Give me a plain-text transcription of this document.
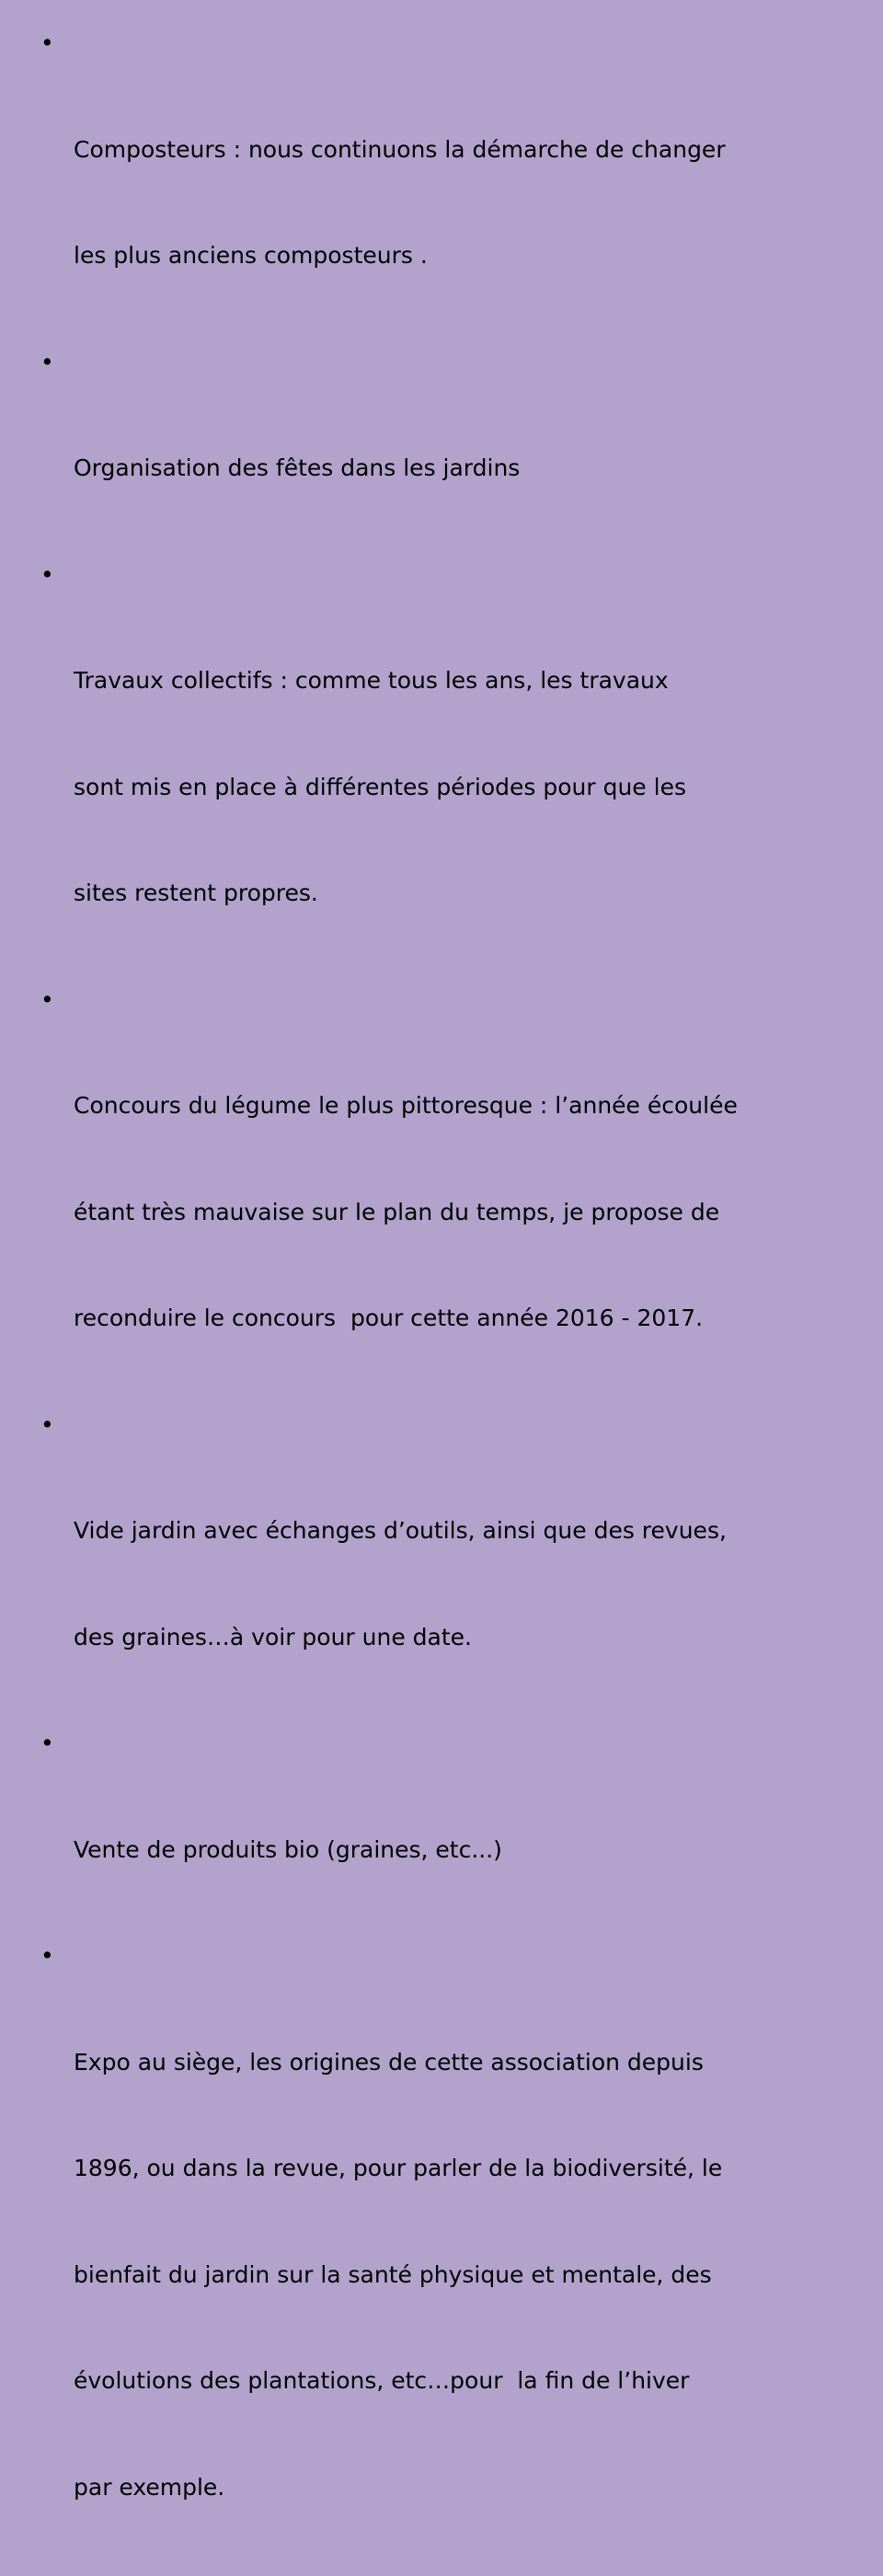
•

Composteurs : nous continuons la démarche de changer

les plus anciens composteurs .

•

Organisation des fêtes dans les jardins

•

Travaux collectifs : comme tous les ans, les travaux

sont mis en place à différentes périodes pour que les

sites restent propres.

•

Concours du légume le plus pittoresque : l’année écoulée

étant très mauvaise sur le plan du temps, je propose de

reconduire le concours  pour cette année 2016 - 2017.

•

Vide jardin avec échanges d’outils, ainsi que des revues,

des graines…à voir pour une date.

•

Vente de produits bio (graines, etc...)

•

Expo au siège, les origines de cette association depuis

1896, ou dans la revue, pour parler de la biodiversité, le

bienfait du jardin sur la santé physique et mentale, des

évolutions des plantations, etc…pour  la fin de l’hiver

par exemple.
